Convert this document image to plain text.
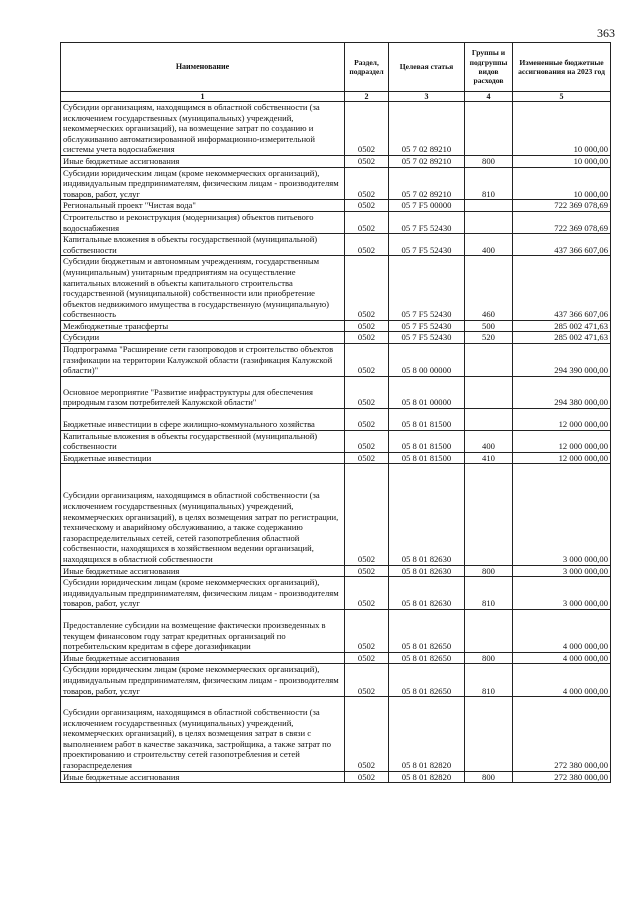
363
Наименование	Раздел, подраздел	Целевая статья	Группы и подгруппы видов расходов	Измененные бюджетные ассигнования на 2023 год
1	2	3	4	5
Субсидии организациям, находящимся в областной собственности (за исключением государственных (муниципальных) учреждений, некоммерческих организаций), на возмещение затрат по созданию и обслуживанию автоматизированной информационно-измерительной системы учета водоснабжения	0502	05 7 02 89210		10 000,00
Иные бюджетные ассигнования	0502	05 7 02 89210	800	10 000,00
Субсидии юридическим лицам (кроме некоммерческих организаций), индивидуальным предпринимателям, физическим лицам - производителям товаров, работ, услуг	0502	05 7 02 89210	810	10 000,00
Региональный проект "Чистая вода"	0502	05 7 F5 00000		722 369 078,69
Строительство и реконструкция (модернизация) объектов питьевого водоснабжения	0502	05 7 F5 52430		722 369 078,69
Капитальные вложения в объекты государственной (муниципальной) собственности	0502	05 7 F5 52430	400	437 366 607,06
Субсидии бюджетным и автономным учреждениям, государственным (муниципальным) унитарным предприятиям на осуществление капитальных вложений в объекты капитального строительства государственной (муниципальной) собственности или приобретение объектов недвижимого имущества в государственную (муниципальную) собственность	0502	05 7 F5 52430	460	437 366 607,06
Межбюджетные трансферты	0502	05 7 F5 52430	500	285 002 471,63
Субсидии	0502	05 7 F5 52430	520	285 002 471,63
Подпрограмма "Расширение сети газопроводов и строительство объектов газификации на территории Калужской области (газификация Калужской области)"	0502	05 8 00 00000		294 390 000,00
Основное мероприятие "Развитие инфраструктуры для обеспечения природным газом потребителей Калужской области"	0502	05 8 01 00000		294 380 000,00
Бюджетные инвестиции в сфере жилищно-коммунального хозяйства	0502	05 8 01 81500		12 000 000,00
Капитальные вложения в объекты государственной (муниципальной) собственности	0502	05 8 01 81500	400	12 000 000,00
Бюджетные инвестиции	0502	05 8 01 81500	410	12 000 000,00
Субсидии организациям, находящимся в областной собственности (за исключением государственных (муниципальных) учреждений, некоммерческих организаций), в целях возмещения затрат по регистрации, техническому и аварийному обслуживанию, а также содержанию газораспределительных сетей, сетей газопотребления областной собственности, находящихся в хозяйственном ведении организаций, находящихся в областной собственности	0502	05 8 01 82630		3 000 000,00
Иные бюджетные ассигнования	0502	05 8 01 82630	800	3 000 000,00
Субсидии юридическим лицам (кроме некоммерческих организаций), индивидуальным предпринимателям, физическим лицам - производителям товаров, работ, услуг	0502	05 8 01 82630	810	3 000 000,00
Предоставление субсидии на возмещение фактически произведенных в текущем финансовом году затрат кредитных организаций по потребительским кредитам в сфере догазификации	0502	05 8 01 82650		4 000 000,00
Иные бюджетные ассигнования	0502	05 8 01 82650	800	4 000 000,00
Субсидии юридическим лицам (кроме некоммерческих организаций), индивидуальным предпринимателям, физическим лицам - производителям товаров, работ, услуг	0502	05 8 01 82650	810	4 000 000,00
Субсидии организациям, находящимся в областной собственности (за исключением государственных (муниципальных) учреждений, некоммерческих организаций), в целях возмещения затрат в связи с выполнением работ в качестве заказчика, застройщика, а также затрат по проектированию и строительству сетей газопотребления и сетей газораспределения	0502	05 8 01 82820		272 380 000,00
Иные бюджетные ассигнования	0502	05 8 01 82820	800	272 380 000,00
